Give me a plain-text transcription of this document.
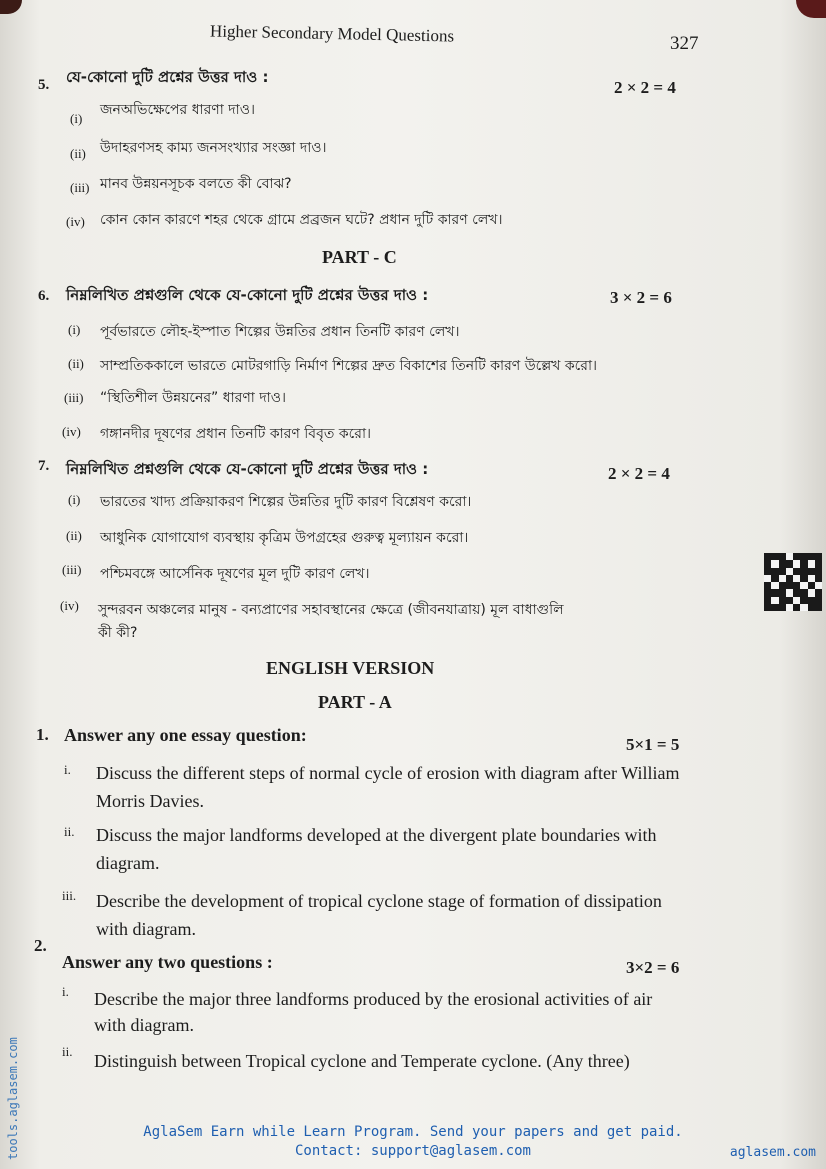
Higher Secondary Model Questions	327
5. যে-কোনো দুটি প্রশ্নের উত্তর দাও :
2 × 2 = 4
(i)
জনঅভিক্ষেপের ধারণা দাও।
(ii) উদাহরণসহ কাম্য জনসংখ্যার সংজ্ঞা দাও।
(iii) মানব উন্নয়নসূচক বলতে কী বোঝ?
(iv) কোন কোন কারণে শহর থেকে গ্রামে প্রব্রজন ঘটে? প্রধান দুটি কারণ লেখ।
PART - C
6. নিম্নলিখিত প্রশ্নগুলি থেকে যে-কোনো দুটি প্রশ্নের উত্তর দাও :	3 × 2 = 6
(i) পূর্বভারতে লৌহ-ইস্পাত শিল্পের উন্নতির প্রধান তিনটি কারণ লেখ।
(ii) সাম্প্রতিককালে ভারতে মোটরগাড়ি নির্মাণ শিল্পের দ্রুত বিকাশের তিনটি কারণ উল্লেখ করো।
(iii) “স্থিতিশীল উন্নয়নের” ধারণা দাও।
(iv) গঙ্গানদীর দূষণের প্রধান তিনটি কারণ বিবৃত করো।
7. নিম্নলিখিত প্রশ্নগুলি থেকে যে-কোনো দুটি প্রশ্নের উত্তর দাও :	2 × 2 = 4
(i) ভারতের খাদ্য প্রক্রিয়াকরণ শিল্পের উন্নতির দুটি কারণ বিশ্লেষণ করো।
(ii) আধুনিক যোগাযোগ ব্যবস্থায় কৃত্রিম উপগ্রহের গুরুত্ব মূল্যায়ন করো।
(iii) পশ্চিমবঙ্গে আর্সেনিক দূষণের মূল দুটি কারণ লেখ।
(iv) সুন্দরবন অঞ্চলের মানুষ - বন্যপ্রাণের সহাবস্থানের ক্ষেত্রে (জীবনযাত্রায়) মূল বাধাগুলি
কী কী?
ENGLISH VERSION
PART - A
1. Answer any one essay question:	5×1 = 5
i. Discuss the different steps of normal cycle of erosion with diagram after William
Morris Davies.
ii. Discuss the major landforms developed at the divergent plate boundaries with
diagram.
iii. Describe the development of tropical cyclone stage of formation of dissipation
with diagram.
2.
Answer any two questions :	3×2 = 6
i. Describe the major three landforms produced by the erosional activities of air
with diagram.
ii. Distinguish between Tropical cyclone and Temperate cyclone. (Any three)
tools.aglasem.com	AglaSem Earn while Learn Program. Send your papers and get paid.
Contact: support@aglasem.com	aglasem.com
